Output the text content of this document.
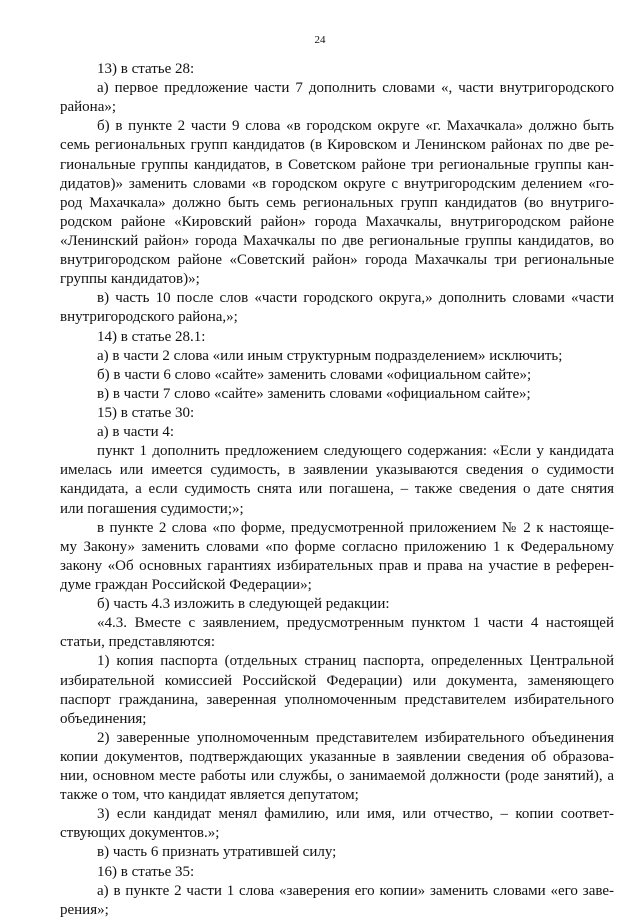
24
13) в статье 28:
а) первое предложение части 7 дополнить словами «, части внутригородского
района»;
б) в пункте 2 части 9 слова «в городском округе «г. Махачкала» должно быть
семь региональных групп кандидатов (в Кировском и Ленинском районах по две ре-
гиональные группы кандидатов, в Советском районе три региональные группы кан-
дидатов)» заменить словами «в городском округе с внутригородским делением «го-
род Махачкала» должно быть семь региональных групп кандидатов (во внутригo-
родском районе «Кировский район» города Махачкалы, внутригородском районе
«Ленинский район» города Махачкалы по две региональные группы кандидатов, во
внутригородском районе «Советский район» города Махачкалы три региональные
группы кандидатов)»;
в) часть 10 после слов «части городского округа,» дополнить словами «части
внутригородского района,»;
14) в статье 28.1:
а) в части 2 слова «или иным структурным подразделением» исключить;
б) в части 6 слово «сайте» заменить словами «официальном сайте»;
в) в части 7 слово «сайте» заменить словами «официальном сайте»;
15) в статье 30:
а) в части 4:
пункт 1 дополнить предложением следующего содержания: «Если у кандидата
имелась или имеется судимость, в заявлении указываются сведения о судимости
кандидата, а если судимость снята или погашена, – также сведения о дате снятия
или погашения судимости;»;
в пункте 2 слова «по форме, предусмотренной приложением № 2 к настояще-
му Закону» заменить словами «по форме согласно приложению 1 к Федеральному
закону «Об основных гарантиях избирательных прав и права на участие в референ-
думе граждан Российской Федерации»;
б) часть 4.3 изложить в следующей редакции:
«4.3. Вместе с заявлением, предусмотренным пунктом 1 части 4 настоящей
статьи, представляются:
1) копия паспорта (отдельных страниц паспорта, определенных Центральной
избирательной комиссией Российской Федерации) или документа, заменяющего
паспорт гражданина, заверенная уполномоченным представителем избирательного
объединения;
2) заверенные уполномоченным представителем избирательного объединения
копии документов, подтверждающих указанные в заявлении сведения об образова-
нии, основном месте работы или службы, о занимаемой должности (роде занятий), а
также о том, что кандидат является депутатом;
3) если кандидат менял фамилию, или имя, или отчество, – копии соответ-
ствующих документов.»;
в) часть 6 признать утратившей силу;
16) в статье 35:
а) в пункте 2 части 1 слова «заверения его копии» заменить словами «его заве-
рения»;
